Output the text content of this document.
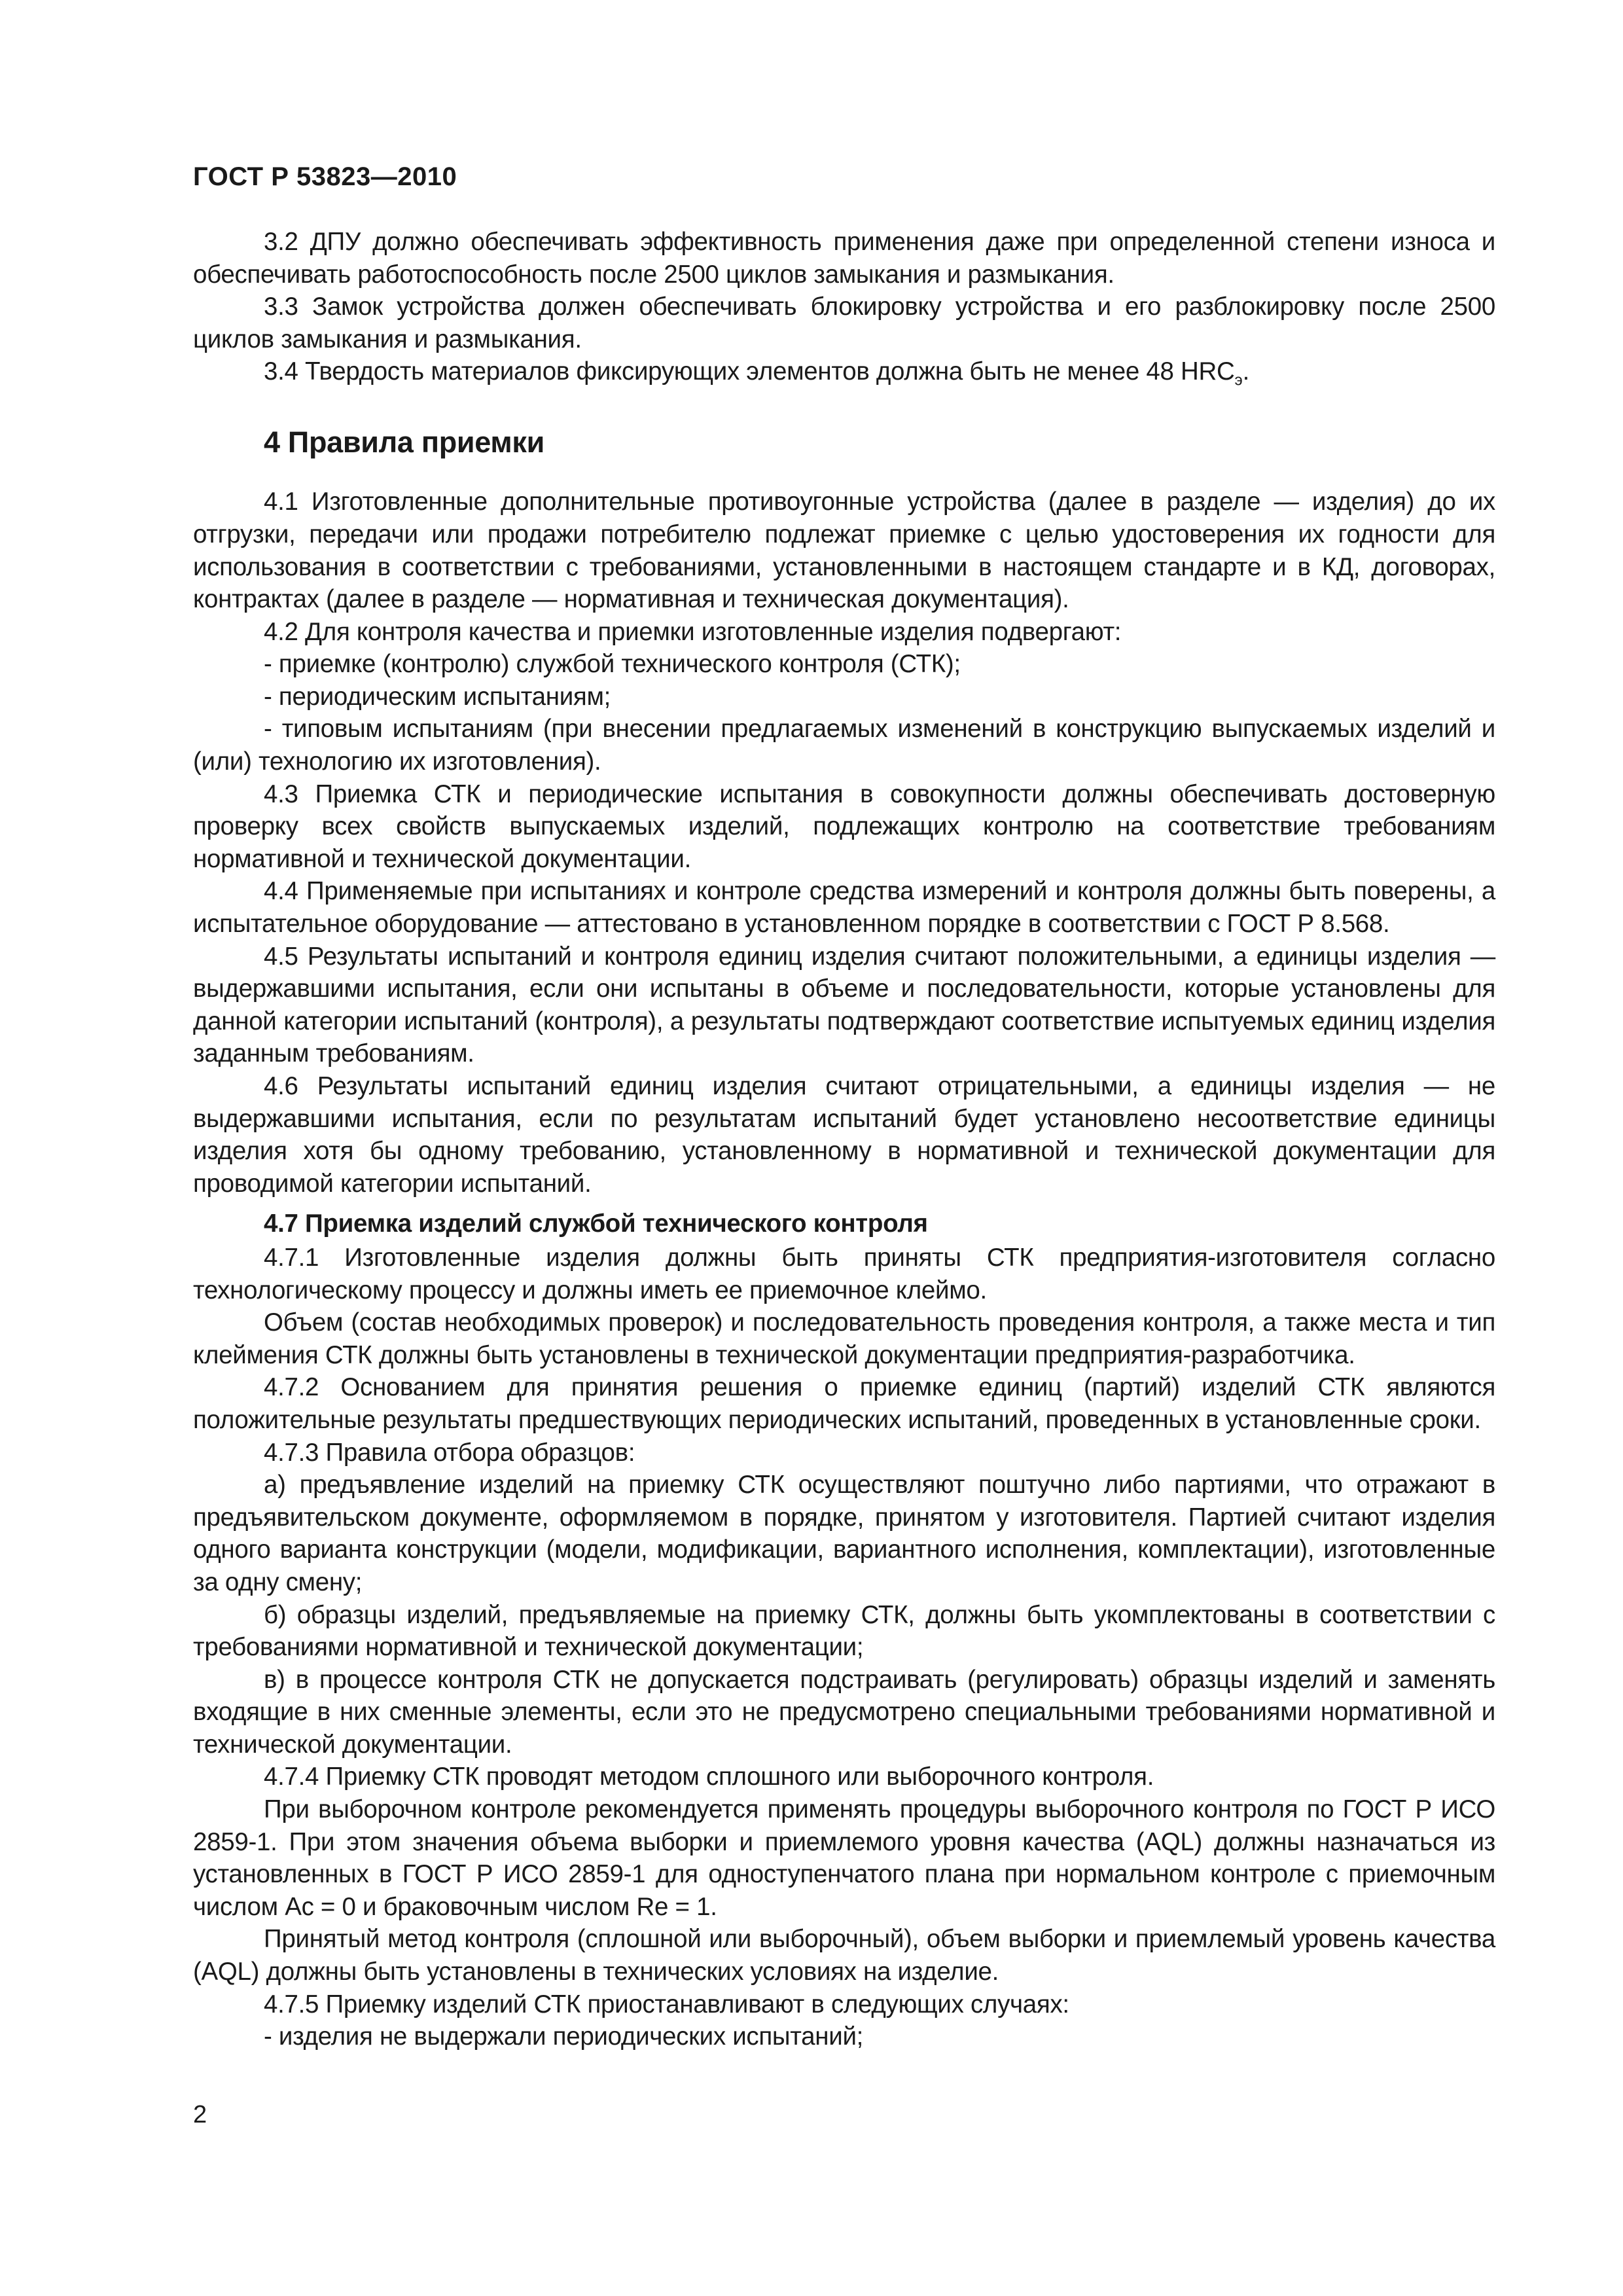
ГОСТ Р 53823—2010

3.2 ДПУ должно обеспечивать эффективность применения даже при определенной степени износа и обеспечивать работоспособность после 2500 циклов замыкания и размыкания.

3.3 Замок устройства должен обеспечивать блокировку устройства и его разблокировку после 2500 циклов замыкания и размыкания.

3.4 Твердость материалов фиксирующих элементов должна быть не менее 48 $HRC_э$.

4 Правила приемки

4.1 Изготовленные дополнительные противоугонные устройства (далее в разделе — изделия) до их отгрузки, передачи или продажи потребителю подлежат приемке с целью удостоверения их годности для использования в соответствии с требованиями, установленными в настоящем стандарте и в КД, договорах, контрактах (далее в разделе — нормативная и техническая документация).

4.2 Для контроля качества и приемки изготовленные изделия подвергают:

- приемке (контролю) службой технического контроля (СТК);

- периодическим испытаниям;

- типовым испытаниям (при внесении предлагаемых изменений в конструкцию выпускаемых изделий и (или) технологию их изготовления).

4.3 Приемка СТК и периодические испытания в совокупности должны обеспечивать достоверную проверку всех свойств выпускаемых изделий, подлежащих контролю на соответствие требованиям нормативной и технической документации.

4.4 Применяемые при испытаниях и контроле средства измерений и контроля должны быть поверены, а испытательное оборудование — аттестовано в установленном порядке в соответствии с ГОСТ Р 8.568.

4.5 Результаты испытаний и контроля единиц изделия считают положительными, а единицы изделия — выдержавшими испытания, если они испытаны в объеме и последовательности, которые установлены для данной категории испытаний (контроля), а результаты подтверждают соответствие испытуемых единиц изделия заданным требованиям.

4.6 Результаты испытаний единиц изделия считают отрицательными, а единицы изделия — не выдержавшими испытания, если по результатам испытаний будет установлено несоответствие единицы изделия хотя бы одному требованию, установленному в нормативной и технической документации для проводимой категории испытаний.

4.7 Приемка изделий службой технического контроля

4.7.1 Изготовленные изделия должны быть приняты СТК предприятия-изготовителя согласно технологическому процессу и должны иметь ее приемочное клеймо.

Объем (состав необходимых проверок) и последовательность проведения контроля, а также места и тип клеймения СТК должны быть установлены в технической документации предприятия-разработчика.

4.7.2 Основанием для принятия решения о приемке единиц (партий) изделий СТК являются положительные результаты предшествующих периодических испытаний, проведенных в установленные сроки.

4.7.3 Правила отбора образцов:

а) предъявление изделий на приемку СТК осуществляют поштучно либо партиями, что отражают в предъявительском документе, оформляемом в порядке, принятом у изготовителя. Партией считают изделия одного варианта конструкции (модели, модификации, вариантного исполнения, комплектации), изготовленные за одну смену;

б) образцы изделий, предъявляемые на приемку СТК, должны быть укомплектованы в соответствии с требованиями нормативной и технической документации;

в) в процессе контроля СТК не допускается подстраивать (регулировать) образцы изделий и заменять входящие в них сменные элементы, если это не предусмотрено специальными требованиями нормативной и технической документации.

4.7.4 Приемку СТК проводят методом сплошного или выборочного контроля.

При выборочном контроле рекомендуется применять процедуры выборочного контроля по ГОСТ Р ИСО 2859-1. При этом значения объема выборки и приемлемого уровня качества (AQL) должны назначаться из установленных в ГОСТ Р ИСО 2859-1 для одноступенчатого плана при нормальном контроле с приемочным числом Ac = 0 и браковочным числом Re = 1.

Принятый метод контроля (сплошной или выборочный), объем выборки и приемлемый уровень качества (AQL) должны быть установлены в технических условиях на изделие.

4.7.5 Приемку изделий СТК приостанавливают в следующих случаях:

- изделия не выдержали периодических испытаний;

2
